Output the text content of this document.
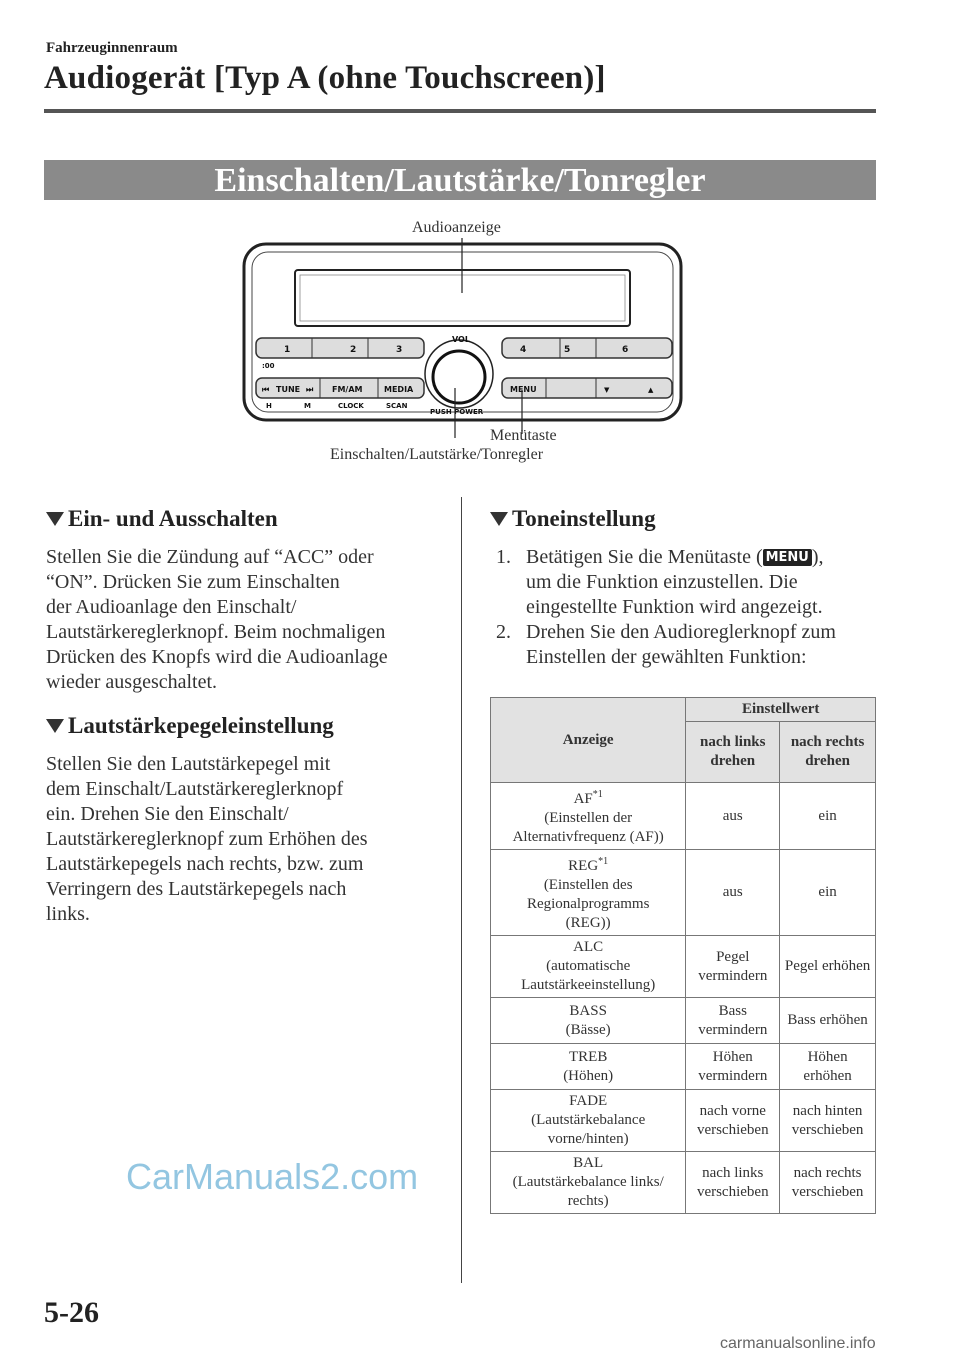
Fahrzeuginnenraum
Audiogerät [Typ A (ohne Touchscreen)]
Einschalten/Lautstärke/Tonregler
Audioanzeige
Menütaste
Einschalten/Lautstärke/Tonregler
1	2	3
:00
4	5	6
VOL
PUSH POWER
⏮ TUNE ⏭ FM/AM	MEDIA
H	M	CLOCK	SCAN
MENU	▼	▲
Ein- und Ausschalten
Stellen Sie die Zündung auf “ACC” oder
“ON”. Drücken Sie zum Einschalten
der Audioanlage den Einschalt/
Lautstärkereglerknopf. Beim nochmaligen
Drücken des Knopfs wird die Audioanlage
wieder ausgeschaltet.
Lautstärkepegeleinstellung
Stellen Sie den Lautstärkepegel mit
dem Einschalt/Lautstärkereglerknopf
ein. Drehen Sie den Einschalt/
Lautstärkereglerknopf zum Erhöhen des
Lautstärkepegels nach rechts, bzw. zum
Verringern des Lautstärkepegels nach
links.
Toneinstellung
1. Betätigen Sie die Menütaste ( MENU ),
um die Funktion einzustellen. Die
eingestellte Funktion wird angezeigt.
2. Drehen Sie den Audioreglerknopf zum
Einstellen der gewählten Funktion:
Anzeige	Einstellwert	
	nach links drehen	nach rechts drehen

AF$^{*1}$
(Einstellen der
Alternativfrequenz (AF))	aus	ein

REG$^{*1}$
(Einstellen des
Regionalprogramms
(REG))	aus	ein

ALC
(automatische
Lautstärkeeinstellung)	Pegel vermindern	Pegel erhöhen

BASS
(Bässe)	Bass vermindern	Bass erhöhen

TREB
(Höhen)	Höhen vermindern	Höhen erhöhen

FADE
(Lautstärkebalance
vorne/hinten)	nach vorne verschieben	nach hinten verschieben

BAL
(Lautstärkebalance links/
rechts)	nach links verschieben	nach rechts verschieben
5-26
CarManuals2.com
carmanualsonline.info
